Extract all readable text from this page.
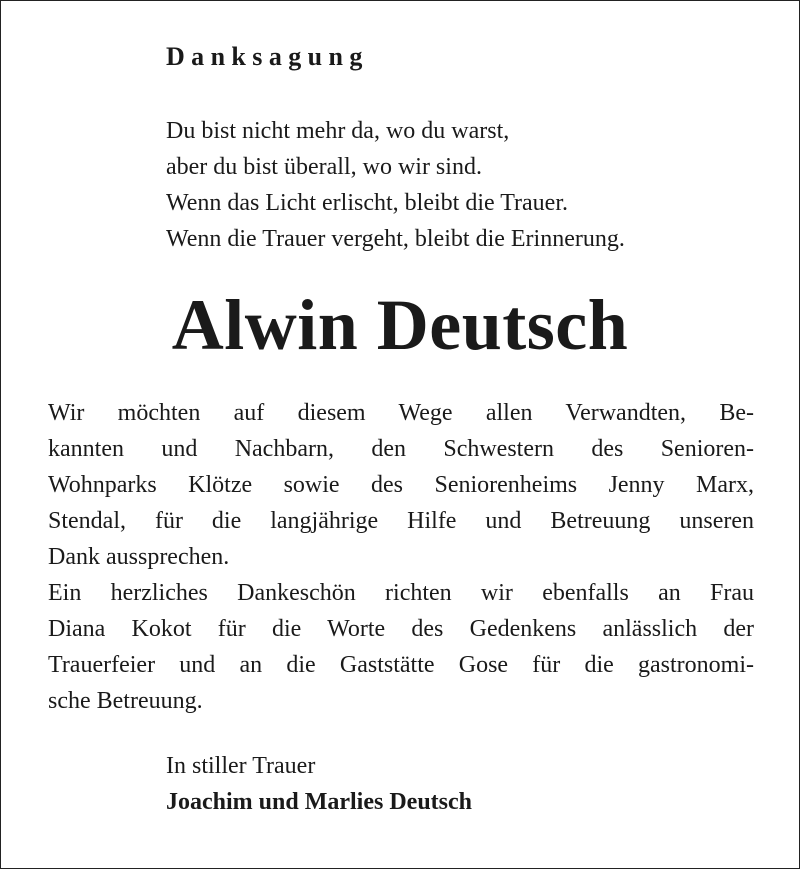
Danksagung
Du bist nicht mehr da, wo du warst,
aber du bist überall, wo wir sind.
Wenn das Licht erlischt, bleibt die Trauer.
Wenn die Trauer vergeht, bleibt die Erinnerung.
Alwin Deutsch
Wir möchten auf diesem Wege allen Verwandten, Be-
kannten und Nachbarn, den Schwestern des Senioren-
Wohnparks Klötze sowie des Seniorenheims Jenny Marx,
Stendal, für die langjährige Hilfe und Betreuung unseren
Dank aussprechen.
Ein herzliches Dankeschön richten wir ebenfalls an Frau
Diana Kokot für die Worte des Gedenkens anlässlich der
Trauerfeier und an die Gaststätte Gose für die gastronomi-
sche Betreuung.
In stiller Trauer
Joachim und Marlies Deutsch
